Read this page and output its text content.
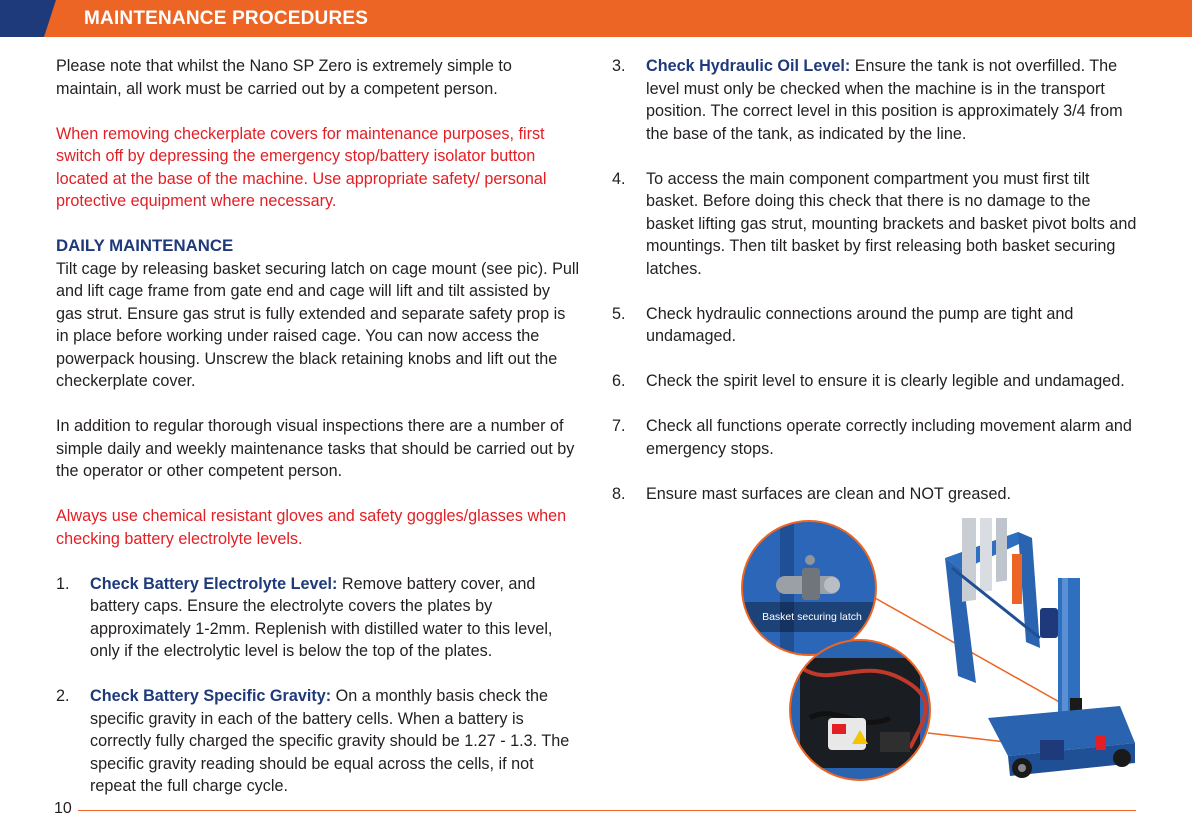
MAINTENANCE PROCEDURES

Please note that whilst the Nano SP Zero is extremely simple to maintain, all work must be carried out by a competent person.

When removing checkerplate covers for maintenance purposes, first switch off by depressing the emergency stop/battery isolator button located at the base of the machine. Use appropriate safety/ personal protective equipment where necessary.

DAILY MAINTENANCE

Tilt cage by releasing basket securing latch on cage mount (see pic). Pull and lift cage frame from gate end and cage will lift and tilt assisted by gas strut. Ensure gas strut is fully extended and separate safety prop is in place before working under raised cage. You can now access the powerpack housing. Unscrew the black retaining knobs and lift out the checkerplate cover.

In addition to regular thorough visual inspections there are a number of simple daily and weekly maintenance tasks that should be carried out by the operator or other competent person.

Always use chemical resistant gloves and safety goggles/glasses when checking battery electrolyte levels.

1. Check Battery Electrolyte Level: Remove battery cover, and battery caps. Ensure the electrolyte covers the plates by approximately 1-2mm. Replenish with distilled water to this level, only if the electrolytic level is below the top of the plates.
2. Check Battery Specific Gravity: On a monthly basis check the specific gravity in each of the battery cells. When a battery is correctly fully charged the specific gravity should be 1.27 - 1.3. The specific gravity reading should be equal across the cells, if not repeat the full charge cycle.
3. Check Hydraulic Oil Level: Ensure the tank is not overfilled. The level must only be checked when the machine is in the transport position. The correct level in this position is approximately 3/4 from the base of the tank, as indicated by the line.
4. To access the main component compartment you must first tilt basket. Before doing this check that there is no damage to the basket lifting gas strut, mounting brackets and basket pivot bolts and mountings. Then tilt basket by first releasing both basket securing latches.
5. Check hydraulic connections around the pump are tight and undamaged.
6. Check the spirit level to ensure it is clearly legible and undamaged.
7. Check all functions operate correctly including movement alarm and emergency stops.
8. Ensure mast surfaces are clean and NOT greased.
Basket securing latch
10
